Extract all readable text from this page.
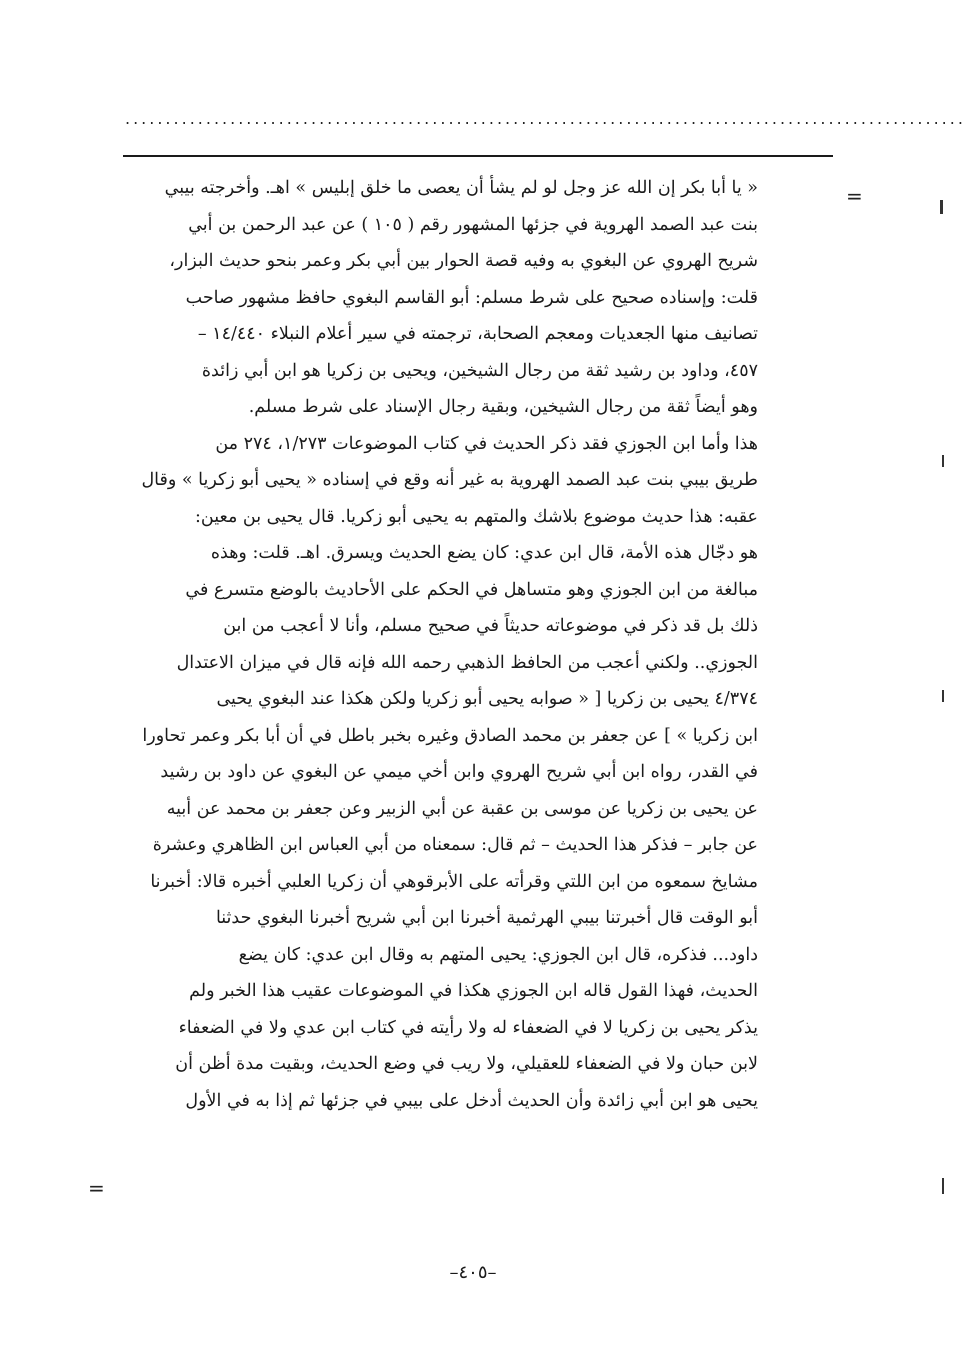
........................................................................................................
=
=
« يا أبا بكر إن الله عز وجل لو لم يشأ أن يعصى ما خلق إبليس » اهـ. وأخرجته بيبي
بنت عبد الصمد الهروية في جزئها المشهور رقم ( ١٠٥ ) عن عبد الرحمن بن أبي
شريح الهروي عن البغوي به وفيه قصة الحوار بين أبي بكر وعمر بنحو حديث البزار،
قلت: وإسناده صحيح على شرط مسلم: أبو القاسم البغوي حافظ مشهور صاحب
تصانيف منها الجعديات ومعجم الصحابة، ترجمته في سير أعلام النبلاء ١٤/٤٤٠ –
٤٥٧، وداود بن رشيد ثقة من رجال الشيخين، ويحيى بن زكريا هو ابن أبي زائدة
وهو أيضاً ثقة من رجال الشيخين، وبقية رجال الإسناد على شرط مسلم.
هذا وأما ابن الجوزي فقد ذكر الحديث في كتاب الموضوعات ١/٢٧٣، ٢٧٤ من
طريق بيبي بنت عبد الصمد الهروية به غير أنه وقع في إسناده « يحيى أبو زكريا » وقال
عقبه: هذا حديث موضوع بلاشك والمتهم به يحيى أبو زكريا. قال يحيى بن معين:
هو دجّال هذه الأمة، قال ابن عدي: كان يضع الحديث ويسرق. اهـ. قلت: وهذه
مبالغة من ابن الجوزي وهو متساهل في الحكم على الأحاديث بالوضع متسرع في
ذلك بل قد ذكر في موضوعاته حديثاً في صحيح مسلم، وأنا لا أعجب من ابن
الجوزي.. ولكني أعجب من الحافظ الذهبي رحمه الله فإنه قال في ميزان الاعتدال
٤/٣٧٤ يحيى بن زكريا [ « صوابه يحيى أبو زكريا ولكن هكذا عند البغوي يحيى
ابن زكريا » ] عن جعفر بن محمد الصادق وغيره بخبر باطل في أن أبا بكر وعمر تحاورا
في القدر، رواه ابن أبي شريح الهروي وابن أخي ميمي عن البغوي عن داود بن رشيد
عن يحيى بن زكريا عن موسى بن عقبة عن أبي الزبير وعن جعفر بن محمد عن أبيه
عن جابر – فذكر هذا الحديث – ثم قال: سمعناه من أبي العباس ابن الظاهري وعشرة
مشايخ سمعوه من ابن اللتي وقرأته على الأبرقوهي أن زكريا العلبي أخبره قالا: أخبرنا
أبو الوقت قال أخبرتنا بيبي الهرثمية أخبرنا ابن أبي شريح أخبرنا البغوي حدثنا
داود... فذكره، قال ابن الجوزي: يحيى المتهم به وقال ابن عدي: كان يضع
الحديث، فهذا القول قاله ابن الجوزي هكذا في الموضوعات عقيب هذا الخبر ولم
يذكر يحيى بن زكريا لا في الضعفاء له ولا رأيته في كتاب ابن عدي ولا في الضعفاء
لابن حبان ولا في الضعفاء للعقيلي، ولا ريب في وضع الحديث، وبقيت مدة أظن أن
يحيى هو ابن أبي زائدة وأن الحديث أدخل على بيبي في جزئها ثم إذا به في الأول
–٤٠٥–
